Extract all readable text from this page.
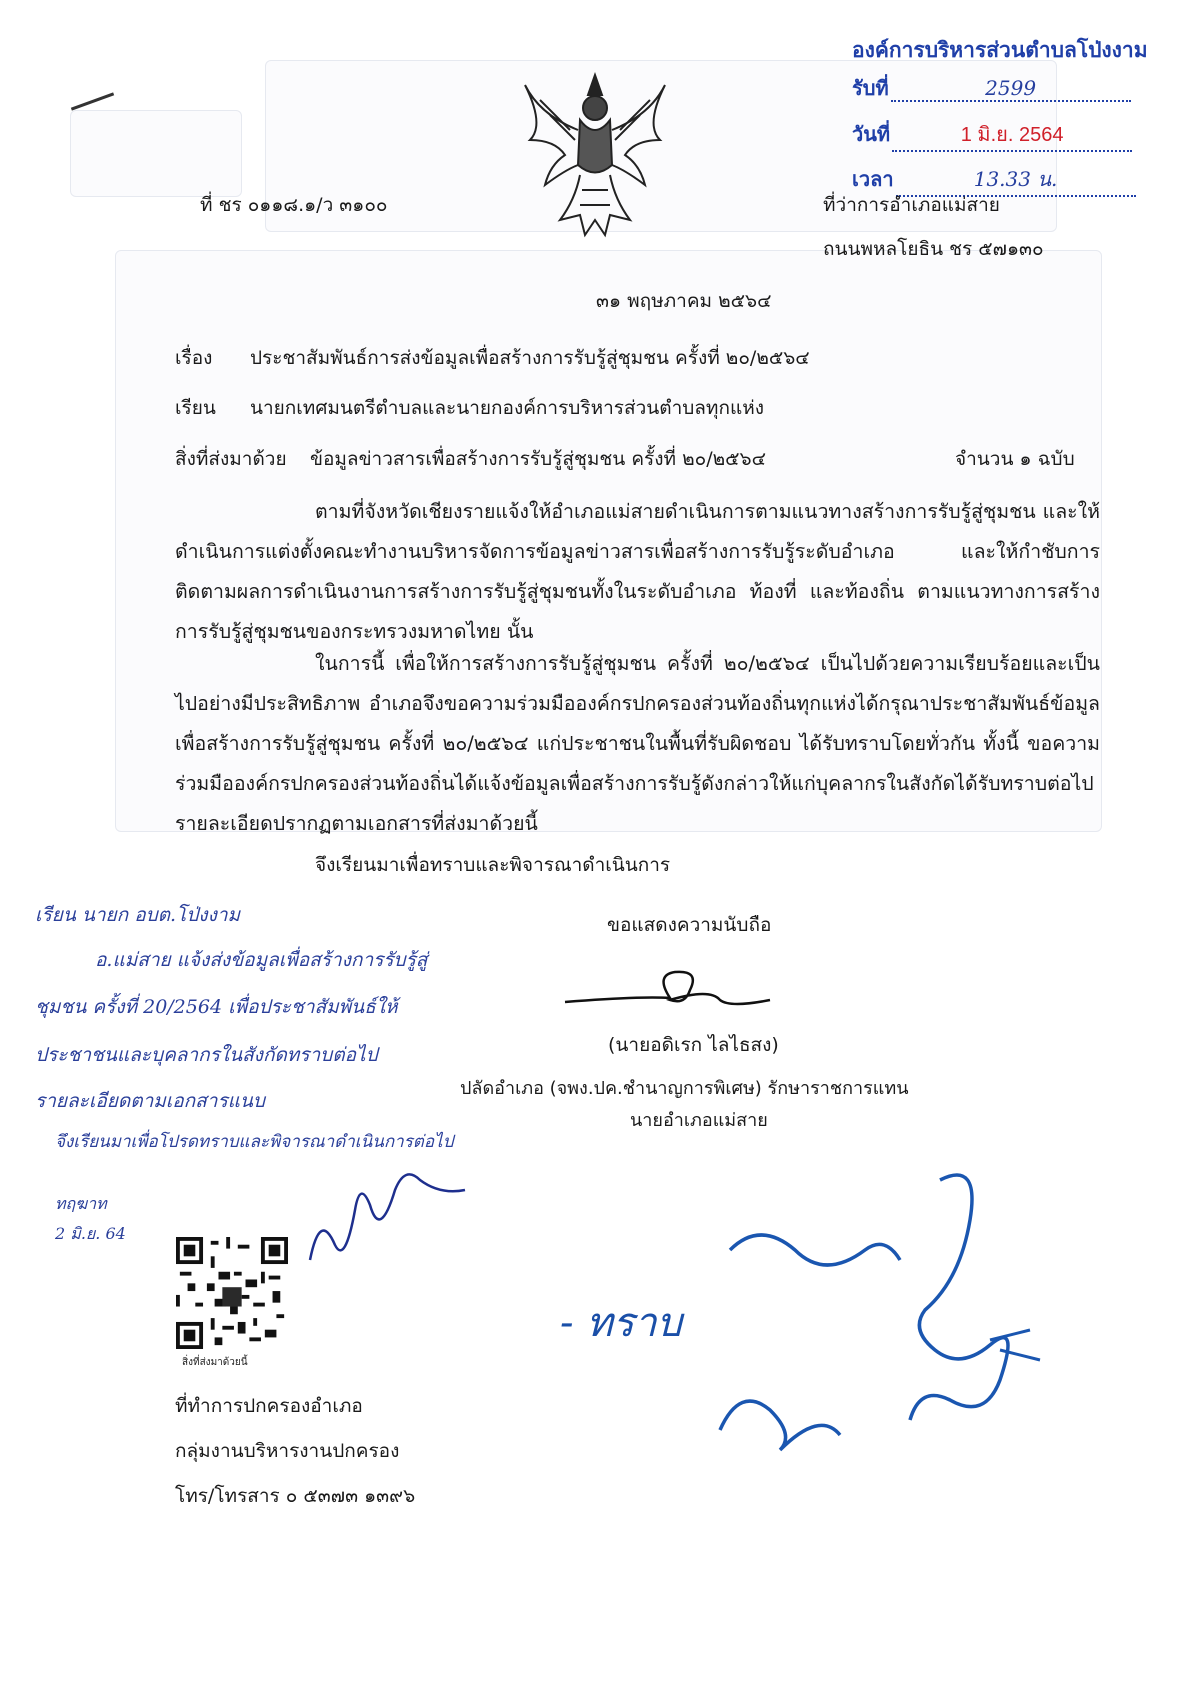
องค์การบริหารส่วนตำบลโป่งงาม
รับที่	2599
วันที่	1 มิ.ย. 2564
เวลา	13.33 น.
ที่ ชร ๐๑๑๘.๑/ว ๓๑๐๐	ที่ว่าการอำเภอแม่สาย
ถนนพหลโยธิน ชร ๕๗๑๓๐
๓๑ พฤษภาคม ๒๕๖๔
เรื่อง ประชาสัมพันธ์การส่งข้อมูลเพื่อสร้างการรับรู้สู่ชุมชน ครั้งที่ ๒๐/๒๕๖๔
เรียน นายกเทศมนตรีตำบลและนายกองค์การบริหารส่วนตำบลทุกแห่ง
สิ่งที่ส่งมาด้วย ข้อมูลข่าวสารเพื่อสร้างการรับรู้สู่ชุมชน ครั้งที่ ๒๐/๒๕๖๔	จำนวน ๑ ฉบับ
ตามที่จังหวัดเชียงรายแจ้งให้อำเภอแม่สายดำเนินการตามแนวทางสร้างการรับรู้สู่ชุมชน และให้ดำเนินการแต่งตั้งคณะทำงานบริหารจัดการข้อมูลข่าวสารเพื่อสร้างการรับรู้ระดับอำเภอ และให้กำชับการติดตามผลการดำเนินงานการสร้างการรับรู้สู่ชุมชนทั้งในระดับอำเภอ ท้องที่ และท้องถิ่น ตามแนวทางการสร้างการรับรู้สู่ชุมชนของกระทรวงมหาดไทย นั้น
ในการนี้ เพื่อให้การสร้างการรับรู้สู่ชุมชน ครั้งที่ ๒๐/๒๕๖๔ เป็นไปด้วยความเรียบร้อยและเป็นไปอย่างมีประสิทธิภาพ อำเภอจึงขอความร่วมมือองค์กรปกครองส่วนท้องถิ่นทุกแห่งได้กรุณาประชาสัมพันธ์ข้อมูลเพื่อสร้างการรับรู้สู่ชุมชน ครั้งที่ ๒๐/๒๕๖๔ แก่ประชาชนในพื้นที่รับผิดชอบ ได้รับทราบโดยทั่วกัน ทั้งนี้ ขอความร่วมมือองค์กรปกครองส่วนท้องถิ่นได้แจ้งข้อมูลเพื่อสร้างการรับรู้ดังกล่าวให้แก่บุคลากรในสังกัดได้รับทราบต่อไป รายละเอียดปรากฏตามเอกสารที่ส่งมาด้วยนี้
จึงเรียนมาเพื่อทราบและพิจารณาดำเนินการ
ขอแสดงความนับถือ
(นายอดิเรก ไลไธสง)
ปลัดอำเภอ (จพง.ปค.ชำนาญการพิเศษ) รักษาราชการแทน
นายอำเภอแม่สาย
เรียน นายก อบต.โป่งงาม
อ.แม่สาย แจ้งส่งข้อมูลเพื่อสร้างการรับรู้สู่
ชุมชน ครั้งที่ 20/2564 เพื่อประชาสัมพันธ์ให้
ประชาชนและบุคลากรในสังกัดทราบต่อไป
รายละเอียดตามเอกสารแนบ
จึงเรียนมาเพื่อโปรดทราบและพิจารณาดำเนินการต่อไป
ทฤฆาท
2 มิ.ย. 64
- ทราบ
สิ่งที่ส่งมาด้วยนี้
ที่ทำการปกครองอำเภอ
กลุ่มงานบริหารงานปกครอง
โทร/โทรสาร ๐ ๕๓๗๓ ๑๓๙๖
